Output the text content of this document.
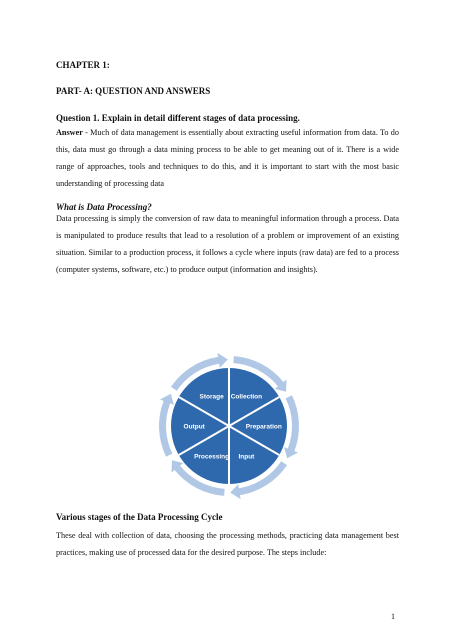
CHAPTER 1:

PART- A: QUESTION AND ANSWERS

Question 1. Explain in detail different stages of data processing.

Answer - Much of data management is essentially about extracting useful information from data. To do this, data must go through a data mining process to be able to get meaning out of it. There is a wide range of approaches, tools and techniques to do this, and it is important to start with the most basic understanding of processing data

What is Data Processing?

Data processing is simply the conversion of raw data to meaningful information through a process. Data is manipulated to produce results that lead to a resolution of a problem or improvement of an existing situation. Similar to a production process, it follows a cycle where inputs (raw data) are fed to a process (computer systems, software, etc.) to produce output (information and insights).

Collection
Preparation
Input
Processing
Output
Storage

Various stages of the Data Processing Cycle

These deal with collection of data, choosing the processing methods, practicing data management best practices, making use of processed data for the desired purpose. The steps include:

1
